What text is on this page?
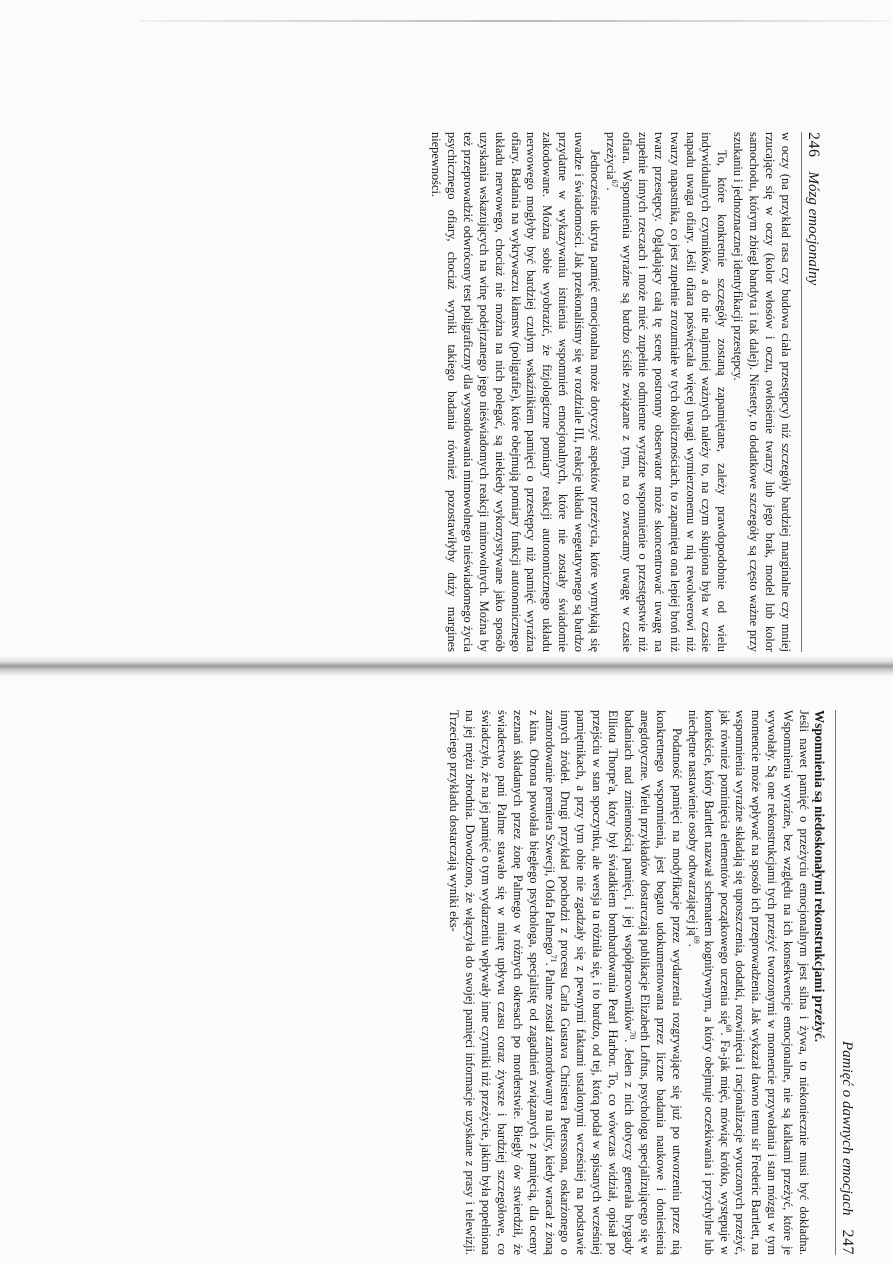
246
Mózg emocjonalny

w oczy (na przykład rasa czy budowa ciała przestępcy) niż szczegóły bardziej marginalne czy mniej rzucające się w oczy (kolor włosów i oczu, owłosienie twarzy lub jego brak, model lub kolor samochodu, którym zbiegł bandyta i tak dalej). Niestety, to dodatkowe szczegóły są często ważne przy szukaniu i jednoznacznej identyfikacji przestępcy.

To, które konkretnie szczegóły zostaną zapamiętane, zależy prawdopodobnie od wielu indywidualnych czynników, a do nie najmniej ważnych należy to, na czym skupiona była w czasie napadu uwaga ofiary. Jeśli ofiara poświęcała więcej uwagi wymierzonemu w nią rewolwerowi niż twarzy napastnika, co jest zupełnie zrozumiałe w tych okolicznościach, to zapamięta ona lepiej broń niż twarz przestępcy. Oglądający całą tę scenę postronny obserwator może skoncentrować uwagę na zupełnie innych rzeczach i może mieć zupełnie odmienne wyraźne wspomnienie o przestępstwie niż ofiara. Wspomnienia wyraźne są bardzo ściśle związane z tym, na co zwracamy uwagę w czasie przeżycia$^{67}$.

Jednocześnie ukryta pamięć emocjonalna może dotyczyć aspektów przeżycia, które wymykają się uwadze i świadomości. Jak przekonaliśmy się w rozdziale III, reakcje układu wegetatywnego są bardzo przydatne w wykazywaniu istnienia wspomnień emocjonalnych, które nie zostały świadomie zakodowane. Można sobie wyobrazić, że fizjologiczne pomiary reakcji autonomicznego układu nerwowego mogłyby być bardziej czułym wskaźnikiem pamięci o przestępcy niż pamięć wyraźna ofiary. Badania na wykrywaczu kłamstw (poligrafie), które obejmują pomiary funkcji autonomicznego układu nerwowego, chociaż nie można na nich polegać, są niekiedy wykorzystywane jako sposób uzyskania wskazujących na winę podejrzanego jego nieświadomych reakcji mimowolnych. Można by też przeprowadzić odwrócony test poligraficzny dla wysondowania mimowolnego nieświadomego życia psychicznego ofiary, chociaż wyniki takiego badania również pozostawiłyby duży margines niepewności.

Pamięć o dawnych emocjach
247
Wspomnienia są niedoskonałymi rekonstrukcjami przeżyć.

Jeśli nawet pamięć o przeżyciu emocjonalnym jest silna i żywa, to niekoniecznie musi być dokładna. Wspomnienia wyraźne, bez względu na ich konsekwencje emocjonalne, nie są kalkami przeżyć, które je wywołały. Są one rekonstrukcjami tych przeżyć tworzonymi w momencie przywołania i stan mózgu w tym momencie może wpływać na sposób ich przeprowadzenia. Jak wykazał dawno temu sir Frederic Bartlett, na wspomnienia wyraźne składają się uproszczenia, dodatki, rozwinięcia i racjonalizacje wyuczonych przeżyć, jak również pominięcia elementów początkowego uczenia się$^{68}$. Fa-jak mięć, mówiąc krótko, występuje w kontekście, który Bartlett nazwał schematem kognitywnym, a który obejmuje oczekiwania i przychylne lub niechętne nastawienie osoby odtwarzającej $ją^{69}$.

Podatność pamięci na modyfikacje przez wydarzenia rozgrywające się już po utworzeniu przez nią konkretnego wspomnienia, jest bogato udokumentowana przez liczne badania naukowe i doniesienia anegdotyczne. Wielu przykładów dostarczają publikacje Elizabeth Loftus, psychologa specjalizującego się w badaniach nad zmiennością pamięci, i jej współpracowników$^{70}$. Jeden z nich dotyczy generała brygady Elliota Thorpe'a, który był świadkiem bombardowania Pearl Harbor. To, co wówczas widział, opisał po przejściu w stan spoczynku, ale wersja ta różniła się, i to bardzo, od tej, którą podał w spisanych wcześniej pamiętnikach, a przy tym obie nie zgadzały się z pewnymi faktami ustalonymi wcześniej na podstawie innych źródeł. Drugi przykład pochodzi z procesu Carla Gustava Christera Peterssona, oskarżonego o zamordowanie premiera Szwecji, Olofa Palmego$^{71}$. Palme został zamordowany na ulicy, kiedy wracał z żoną z kina. Obrona powołała biegłego psychologa, specjalistę od zagadnień związanych z pamięcią, dla oceny zeznań składanych przez żonę Palmego w różnych okresach po morderstwie. Biegły ów stwierdził, że świadectwo pani Palme stawało się w miarę upływu czasu coraz żywsze i bardziej szczegółowe, co świadczyło, że na jej pamięć o tym wydarzeniu wpływały inne czynniki niż przeżycie, jakim była popełniona na jej mężu zbrodnia. Dowodzono, że włączyła do swojej pamięci informacje uzyskane z prasy i telewizji. Trzeciego przykładu dostarczają wyniki eks-
